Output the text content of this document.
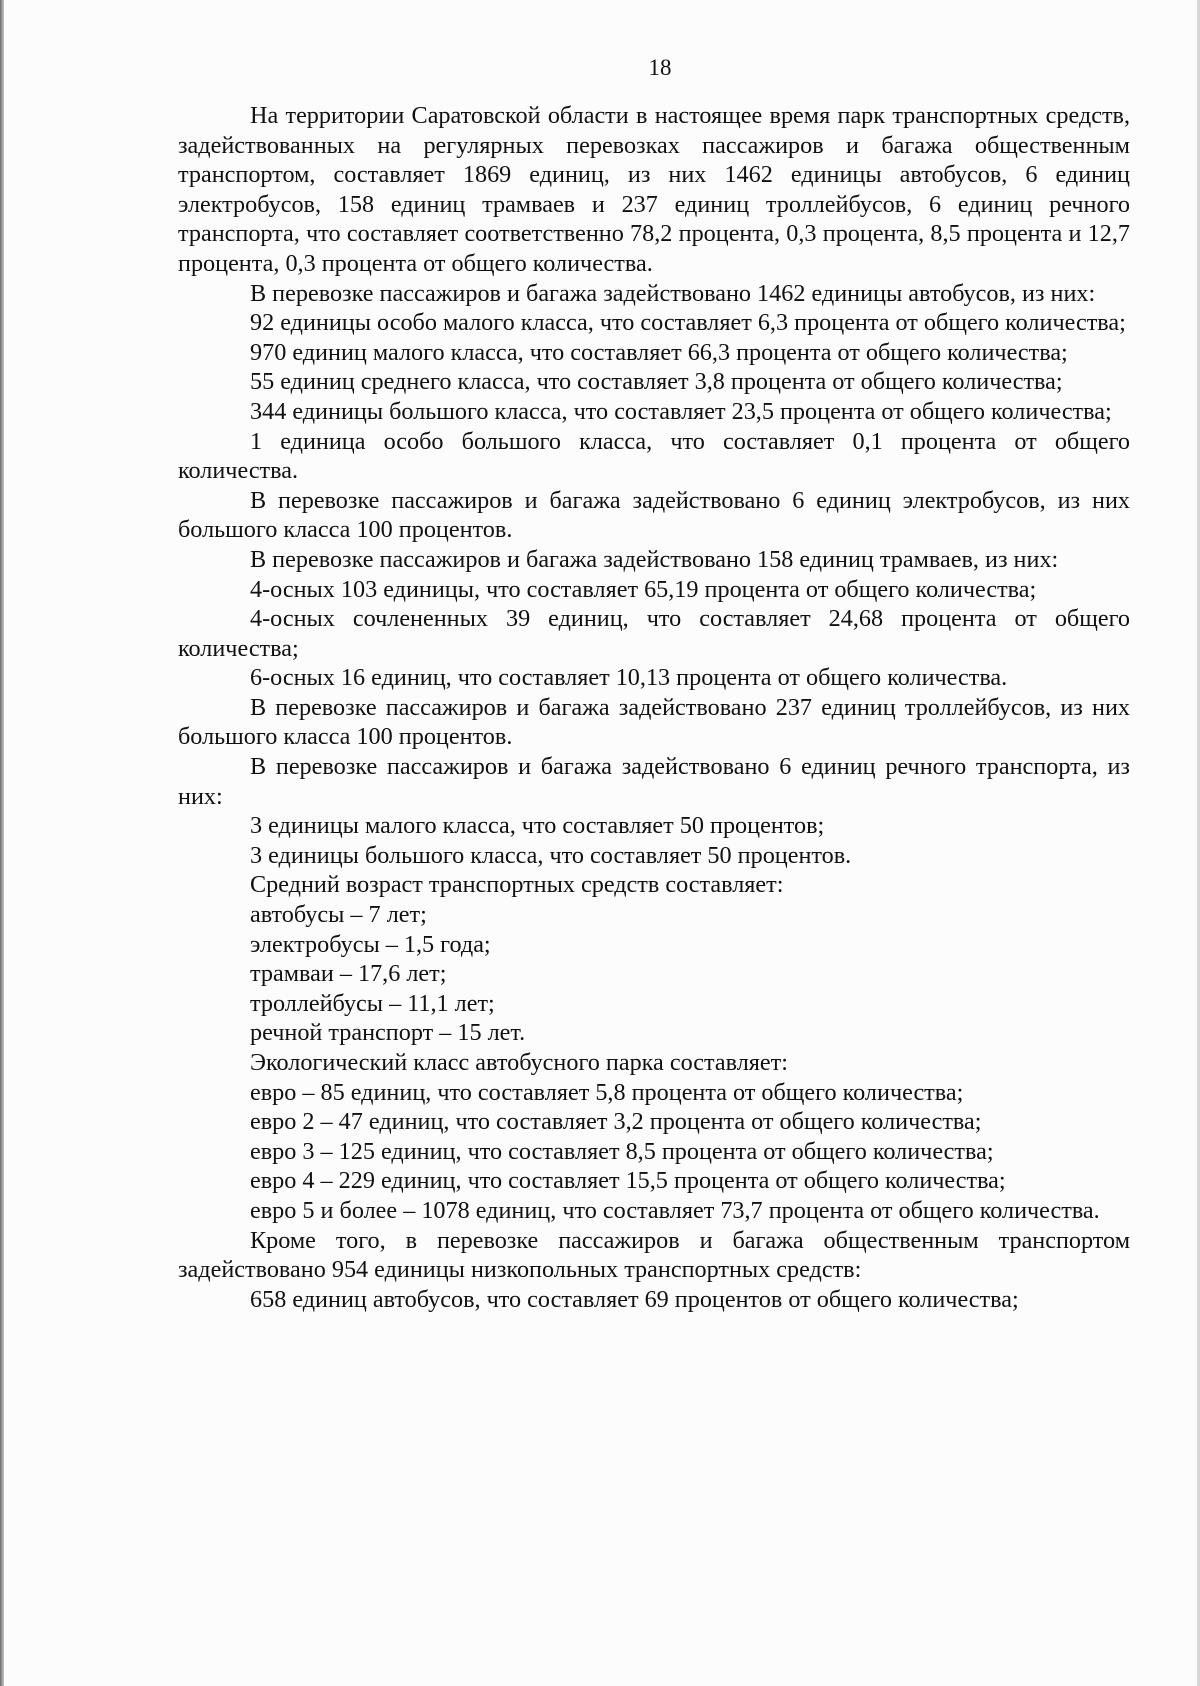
18

На территории Саратовской области в настоящее время парк транспортных средств, задействованных на регулярных перевозках пассажиров и багажа общественным транспортом, составляет 1869 единиц, из них 1462 единицы автобусов, 6 единиц электробусов, 158 единиц трамваев и 237 единиц троллейбусов, 6 единиц речного транспорта, что составляет соответственно 78,2 процента, 0,3 процента, 8,5 процента и 12,7 процента, 0,3 процента от общего количества.

В перевозке пассажиров и багажа задействовано 1462 единицы автобусов, из них:

92 единицы особо малого класса, что составляет 6,3 процента от общего количества;

970 единиц малого класса, что составляет 66,3 процента от общего количества;

55 единиц среднего класса, что составляет 3,8 процента от общего количества;

344 единицы большого класса, что составляет 23,5 процента от общего количества;

1 единица особо большого класса, что составляет 0,1 процента от общего количества.

В перевозке пассажиров и багажа задействовано 6 единиц электробусов, из них большого класса 100 процентов.

В перевозке пассажиров и багажа задействовано 158 единиц трамваев, из них:

4-осных 103 единицы, что составляет 65,19 процента от общего количества;

4-осных сочлененных 39 единиц, что составляет 24,68 процента от общего количества;

6-осных 16 единиц, что составляет 10,13 процента от общего количества.

В перевозке пассажиров и багажа задействовано 237 единиц троллейбусов, из них большого класса 100 процентов.

В перевозке пассажиров и багажа задействовано 6 единиц речного транспорта, из них:

3 единицы малого класса, что составляет 50 процентов;

3 единицы большого класса, что составляет 50 процентов.

Средний возраст транспортных средств составляет:

автобусы – 7 лет;

электробусы – 1,5 года;

трамваи – 17,6 лет;

троллейбусы – 11,1 лет;

речной транспорт – 15 лет.

Экологический класс автобусного парка составляет:

евро – 85 единиц, что составляет 5,8 процента от общего количества;

евро 2 – 47 единиц, что составляет 3,2 процента от общего количества;

евро 3 – 125 единиц, что составляет 8,5 процента от общего количества;

евро 4 – 229 единиц, что составляет 15,5 процента от общего количества;

евро 5 и более – 1078 единиц, что составляет 73,7 процента от общего количества.

Кроме того, в перевозке пассажиров и багажа общественным транспортом задействовано 954 единицы низкопольных транспортных средств:

658 единиц автобусов, что составляет 69 процентов от общего количества;
